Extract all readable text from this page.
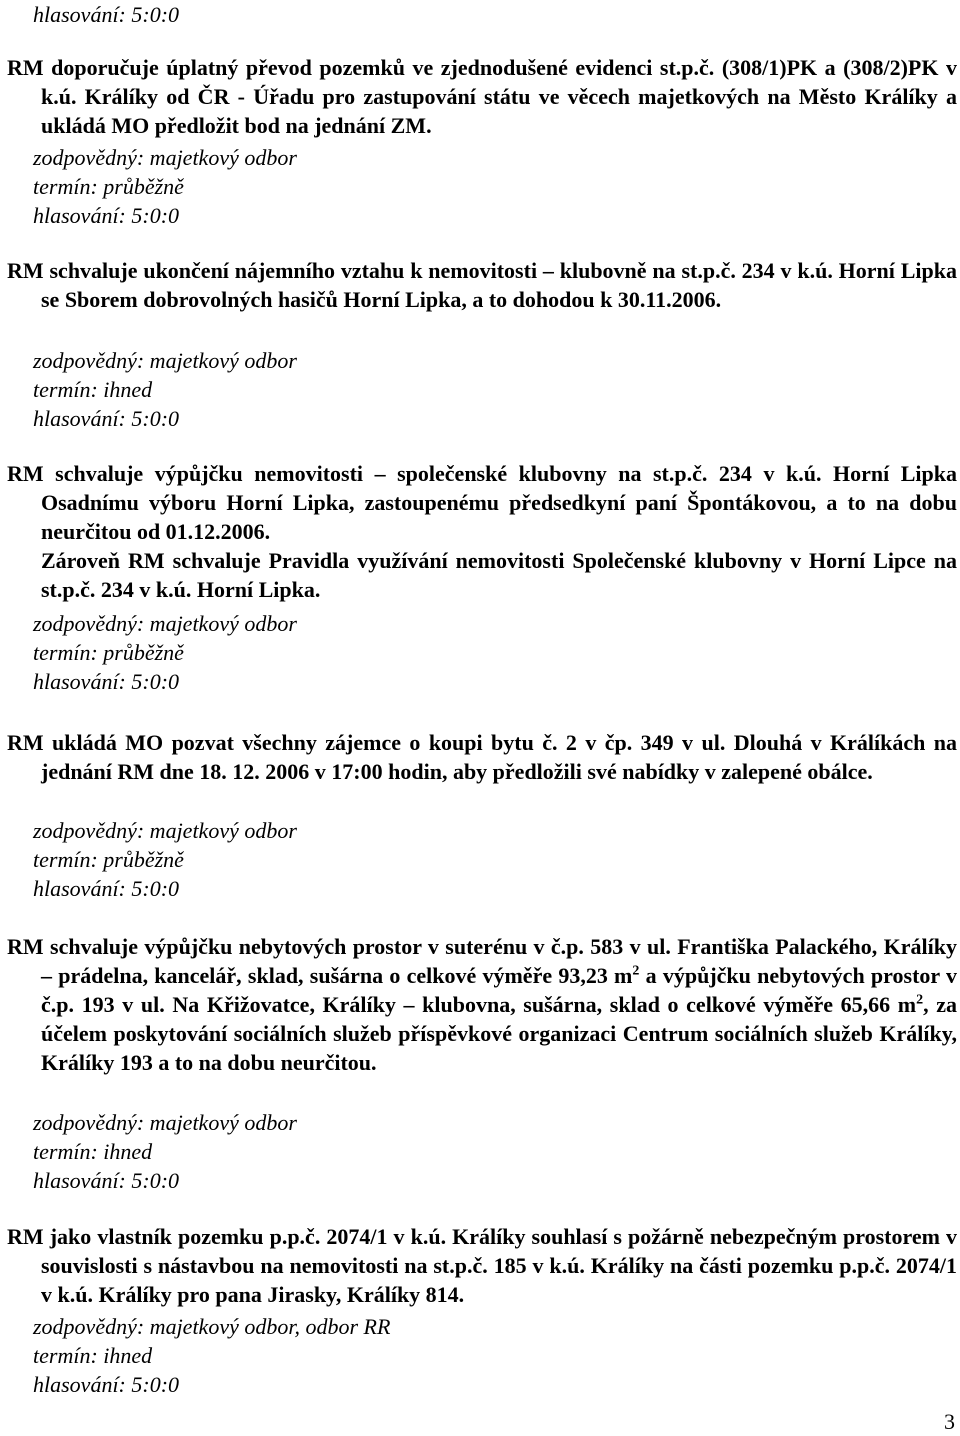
hlasování: 5:0:0

RM doporučuje úplatný převod pozemků ve zjednodušené evidenci st.p.č. (308/1)PK a (308/2)PK v k.ú. Králíky od ČR - Úřadu pro zastupování státu ve věcech majetkových na Město Králíky a ukládá MO předložit bod na jednání ZM.

zodpovědný: majetkový odbor
termín: průběžně
hlasování: 5:0:0

RM schvaluje ukončení nájemního vztahu k nemovitosti – klubovně na st.p.č. 234 v k.ú. Horní Lipka se Sborem dobrovolných hasičů Horní Lipka, a to dohodou k 30.11.2006.

zodpovědný: majetkový odbor
termín: ihned
hlasování: 5:0:0

RM schvaluje výpůjčku nemovitosti – společenské klubovny na st.p.č. 234 v k.ú. Horní Lipka Osadnímu výboru Horní Lipka, zastoupenému předsedkyní paní Špontákovou, a to na dobu neurčitou od 01.12.2006.

Zároveň RM schvaluje Pravidla využívání nemovitosti Společenské klubovny v Horní Lipce na st.p.č. 234 v k.ú. Horní Lipka.

zodpovědný: majetkový odbor
termín: průběžně
hlasování: 5:0:0

RM ukládá MO pozvat všechny zájemce o koupi bytu č. 2 v čp. 349 v ul. Dlouhá v Králíkách na jednání RM dne 18. 12. 2006 v 17:00 hodin, aby předložili své nabídky v zalepené obálce.

zodpovědný: majetkový odbor
termín: průběžně
hlasování: 5:0:0

RM schvaluje výpůjčku nebytových prostor v suterénu v č.p. 583 v ul. Františka Palackého, Králíky – prádelna, kancelář, sklad, sušárna o celkové výměře 93,23 $m^2$ a výpůjčku nebytových prostor v č.p. 193 v ul. Na Křižovatce, Králíky – klubovna, sušárna, sklad o celkové výměře 65,66 $m^2$, za účelem poskytování sociálních služeb příspěvkové organizaci Centrum sociálních služeb Králíky, Králíky 193 a to na dobu neurčitou.

zodpovědný: majetkový odbor
termín: ihned
hlasování: 5:0:0

RM jako vlastník pozemku p.p.č. 2074/1 v k.ú. Králíky souhlasí s požárně nebezpečným prostorem v souvislosti s nástavbou na nemovitosti na st.p.č. 185 v k.ú. Králíky na části pozemku p.p.č. 2074/1 v k.ú. Králíky pro pana Jirasky, Králíky 814.

zodpovědný: majetkový odbor, odbor RR
termín: ihned
hlasování: 5:0:0
3
